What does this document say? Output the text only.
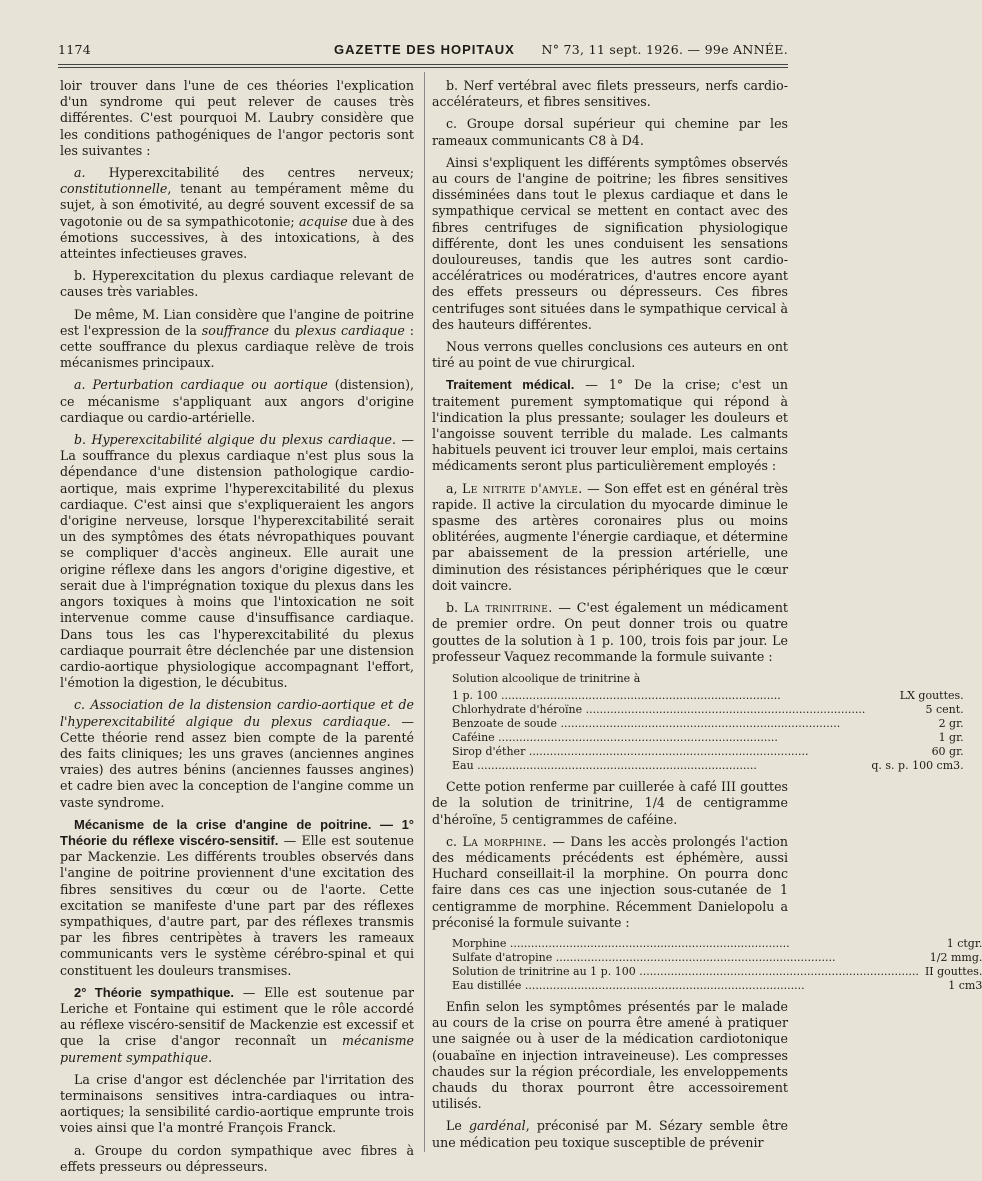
1174	GAZETTE DES HOPITAUX N° 73, 11 sept. 1926. — 99e ANNÉE.

loir trouver dans l'une de ces théories l'explication d'un syndrome qui peut relever de causes très différentes. C'est pourquoi M. Laubry considère que les conditions pathogéniques de l'angor pectoris sont les suivantes :

a. Hyperexcitabilité des centres nerveux; constitutionnelle, tenant au tempérament même du sujet, à son émotivité, au degré souvent excessif de sa vagotonie ou de sa sympathicotonie; acquise due à des émotions successives, à des intoxications, à des atteintes infectieuses graves.

b. Hyperexcitation du plexus cardiaque relevant de causes très variables.

De même, M. Lian considère que l'angine de poitrine est l'expression de la souffrance du plexus cardiaque : cette souffrance du plexus cardiaque relève de trois mécanismes principaux.

a. Perturbation cardiaque ou aortique (distension), ce mécanisme s'appliquant aux angors d'origine cardiaque ou cardio-artérielle.

b. Hyperexcitabilité algique du plexus cardiaque. — La souffrance du plexus cardiaque n'est plus sous la dépendance d'une distension pathologique cardio-aortique, mais exprime l'hyperexcitabilité du plexus cardiaque. C'est ainsi que s'expliqueraient les angors d'origine nerveuse, lorsque l'hyperexcitabilité serait un des symptômes des états névropathiques pouvant se compliquer d'accès angineux. Elle aurait une origine réflexe dans les angors d'origine digestive, et serait due à l'imprégnation toxique du plexus dans les angors toxiques à moins que l'intoxication ne soit intervenue comme cause d'insuffisance cardiaque. Dans tous les cas l'hyperexcitabilité du plexus cardiaque pourrait être déclenchée par une distension cardio-aortique physiologique accompagnant l'effort, l'émotion la digestion, le décubitus.

c. Association de la distension cardio-aortique et de l'hyperexcitabilité algique du plexus cardiaque. — Cette théorie rend assez bien compte de la parenté des faits cliniques; les uns graves (anciennes angines vraies) des autres bénins (anciennes fausses angines) et cadre bien avec la conception de l'angine comme un vaste syndrome.

Mécanisme de la crise d'angine de poitrine. — 1° Théorie du réflexe viscéro-sensitif. — Elle est soutenue par Mackenzie. Les différents troubles observés dans l'angine de poitrine proviennent d'une excitation des fibres sensitives du cœur ou de l'aorte. Cette excitation se manifeste d'une part par des réflexes sympathiques, d'autre part, par des réflexes transmis par les fibres centripètes à travers les rameaux communicants vers le système cérébro-spinal et qui constituent les douleurs transmises.

2° Théorie sympathique. — Elle est soutenue par Leriche et Fontaine qui estiment que le rôle accordé au réflexe viscéro-sensitif de Mackenzie est excessif et que la crise d'angor reconnaît un mécanisme purement sympathique.

La crise d'angor est déclenchée par l'irritation des terminaisons sensitives intra-cardiaques ou intra-aortiques; la sensibilité cardio-aortique emprunte trois voies ainsi que l'a montré François Franck.

a. Groupe du cordon sympathique avec fibres à effets presseurs ou dépresseurs.

b. Nerf vertébral avec filets presseurs, nerfs cardio-accélérateurs, et fibres sensitives.

c. Groupe dorsal supérieur qui chemine par les rameaux communicants C8 à D4.

Ainsi s'expliquent les différents symptômes observés au cours de l'angine de poitrine; les fibres sensitives disséminées dans tout le plexus cardiaque et dans le sympathique cervical se mettent en contact avec des fibres centrifuges de signification physiologique différente, dont les unes conduisent les sensations douloureuses, tandis que les autres sont cardio-accélératrices ou modératrices, d'autres encore ayant des effets presseurs ou dépresseurs. Ces fibres centrifuges sont situées dans le sympathique cervical à des hauteurs différentes.

Nous verrons quelles conclusions ces auteurs en ont tiré au point de vue chirurgical.

Traitement médical. — 1° De la crise; c'est un traitement purement symptomatique qui répond à l'indication la plus pressante; soulager les douleurs et l'angoisse souvent terrible du malade. Les calmants habituels peuvent ici trouver leur emploi, mais certains médicaments seront plus particulièrement employés :

a, Le nitrite d'amyle. — Son effet est en général très rapide. Il active la circulation du myocarde diminue le spasme des artères coronaires plus ou moins oblitérées, augmente l'énergie cardiaque, et détermine par abaissement de la pression artérielle, une diminution des résistances périphériques que le cœur doit vaincre.

b. La trinitrine. — C'est également un médicament de premier ordre. On peut donner trois ou quatre gouttes de la solution à 1 p. 100, trois fois par jour. Le professeur Vaquez recommande la formule suivante :

Solution alcoolique de trinitrine à
1 p. 100 ................................................................................	LX gouttes.
Chlorhydrate d'héroïne ................................................................................	5 cent.
Benzoate de soude ................................................................................	2 gr.
Caféine ................................................................................	1 gr.
Sirop d'éther ................................................................................	60 gr.
Eau ................................................................................	q. s. p. 100 cm3.

Cette potion renferme par cuillerée à café III gouttes de la solution de trinitrine, 1/4 de centigramme d'héroïne, 5 centigrammes de caféine.

c. La morphine. — Dans les accès prolongés l'action des médicaments précédents est éphémère, aussi Huchard conseillait-il la morphine. On pourra donc faire dans ces cas une injection sous-cutanée de 1 centigramme de morphine. Récemment Danielopolu a préconisé la formule suivante :

Morphine ................................................................................	1 ctgr.
Sulfate d'atropine ................................................................................	1/2 mmg.
Solution de trinitrine au 1 p. 100 ................................................................................	II gouttes.
Eau distillée ................................................................................	1 cm3

Enfin selon les symptômes présentés par le malade au cours de la crise on pourra être amené à pratiquer une saignée ou à user de la médication cardiotonique (ouabaïne en injection intraveineuse). Les compresses chaudes sur la région précordiale, les enveloppements chauds du thorax pourront être accessoirement utilisés.

Le gardénal, préconisé par M. Sézary semble être une médication peu toxique susceptible de prévenir
